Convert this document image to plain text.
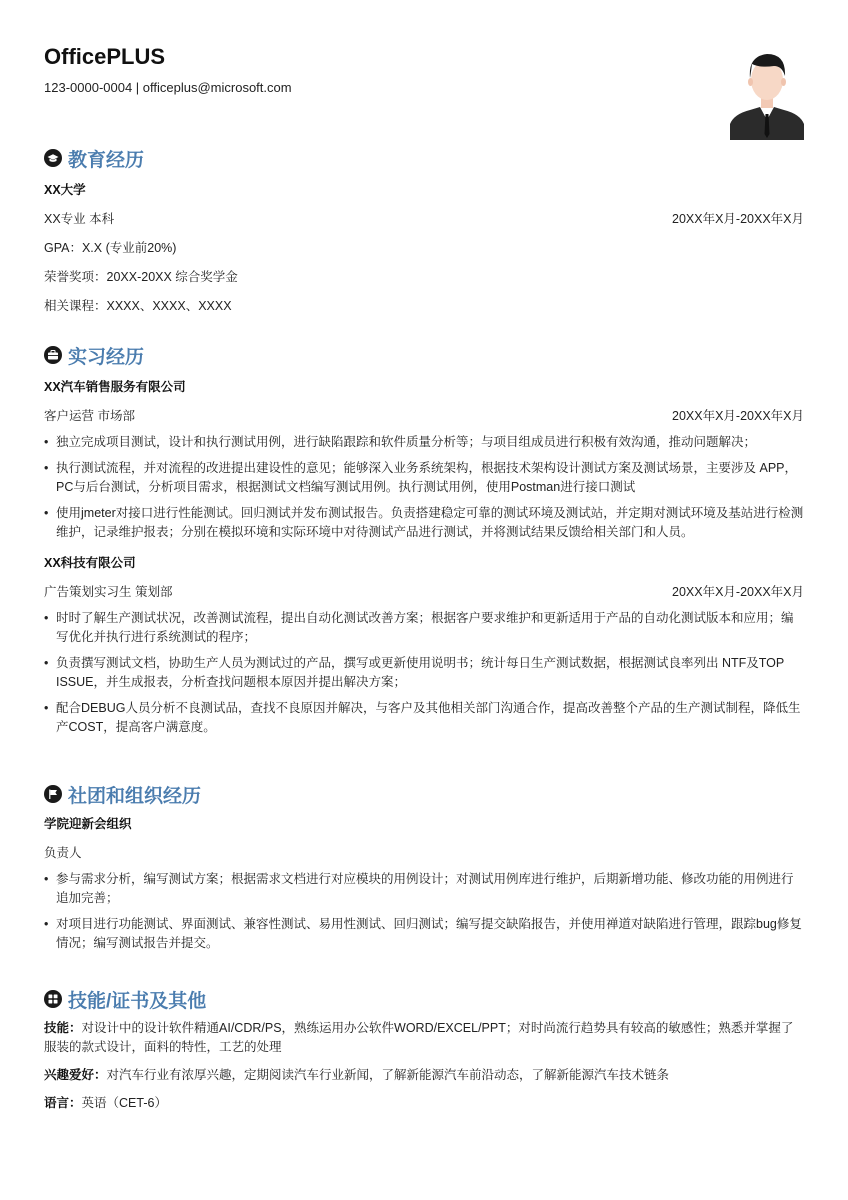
OfficePLUS
123-0000-0004 | officeplus@microsoft.com
教育经历
XX大学
XX专业 本科	20XX年X月-20XX年X月
GPA：X.X (专业前20%)
荣誉奖项：20XX-20XX 综合奖学金
相关课程：XXXX、XXXX、XXXX
实习经历
XX汽车销售服务有限公司
客户运营 市场部	20XX年X月-20XX年X月
• 独立完成项目测试，设计和执行测试用例，进行缺陷跟踪和软件质量分析等；与项目组成员进行积极有效沟通，推动问题解决；
• 执行测试流程，并对流程的改进提出建设性的意见；能够深入业务系统架构，根据技术架构设计测试方案及测试场景，主要涉及 APP，PC与后台测试，分析项目需求，根据测试文档编写测试用例。执行测试用例，使用Postman进行接口测试
• 使用jmeter对接口进行性能测试。回归测试并发布测试报告。负责搭建稳定可靠的测试环境及测试站，并定期对测试环境及基站进行检测维护，记录维护报表；分别在模拟环境和实际环境中对待测试产品进行测试，并将测试结果反馈给相关部门和人员。
XX科技有限公司
广告策划实习生 策划部	20XX年X月-20XX年X月
• 时时了解生产测试状况，改善测试流程，提出自动化测试改善方案；根据客户要求维护和更新适用于产品的自动化测试版本和应用；编写优化并执行进行系统测试的程序；
• 负责撰写测试文档，协助生产人员为测试过的产品，撰写或更新使用说明书；统计每日生产测试数据，根据测试良率列出 NTF及TOP ISSUE，并生成报表，分析查找问题根本原因并提出解决方案；
• 配合DEBUG人员分析不良测试品，查找不良原因并解决，与客户及其他相关部门沟通合作，提高改善整个产品的生产测试制程，降低生产COST，提高客户满意度。
社团和组织经历
学院迎新会组织
负责人
• 参与需求分析，编写测试方案；根据需求文档进行对应模块的用例设计；对测试用例库进行维护，后期新增功能、修改功能的用例进行追加完善；
• 对项目进行功能测试、界面测试、兼容性测试、易用性测试、回归测试；编写提交缺陷报告，并使用禅道对缺陷进行管理，跟踪bug修复情况；编写测试报告并提交。
技能/证书及其他
技能：对设计中的设计软件精通AI/CDR/PS，熟练运用办公软件WORD/EXCEL/PPT；对时尚流行趋势具有较高的敏感性；熟悉并掌握了服装的款式设计，面料的特性，工艺的处理
兴趣爱好：对汽车行业有浓厚兴趣，定期阅读汽车行业新闻，了解新能源汽车前沿动态，了解新能源汽车技术链条
语言：英语（CET-6）
